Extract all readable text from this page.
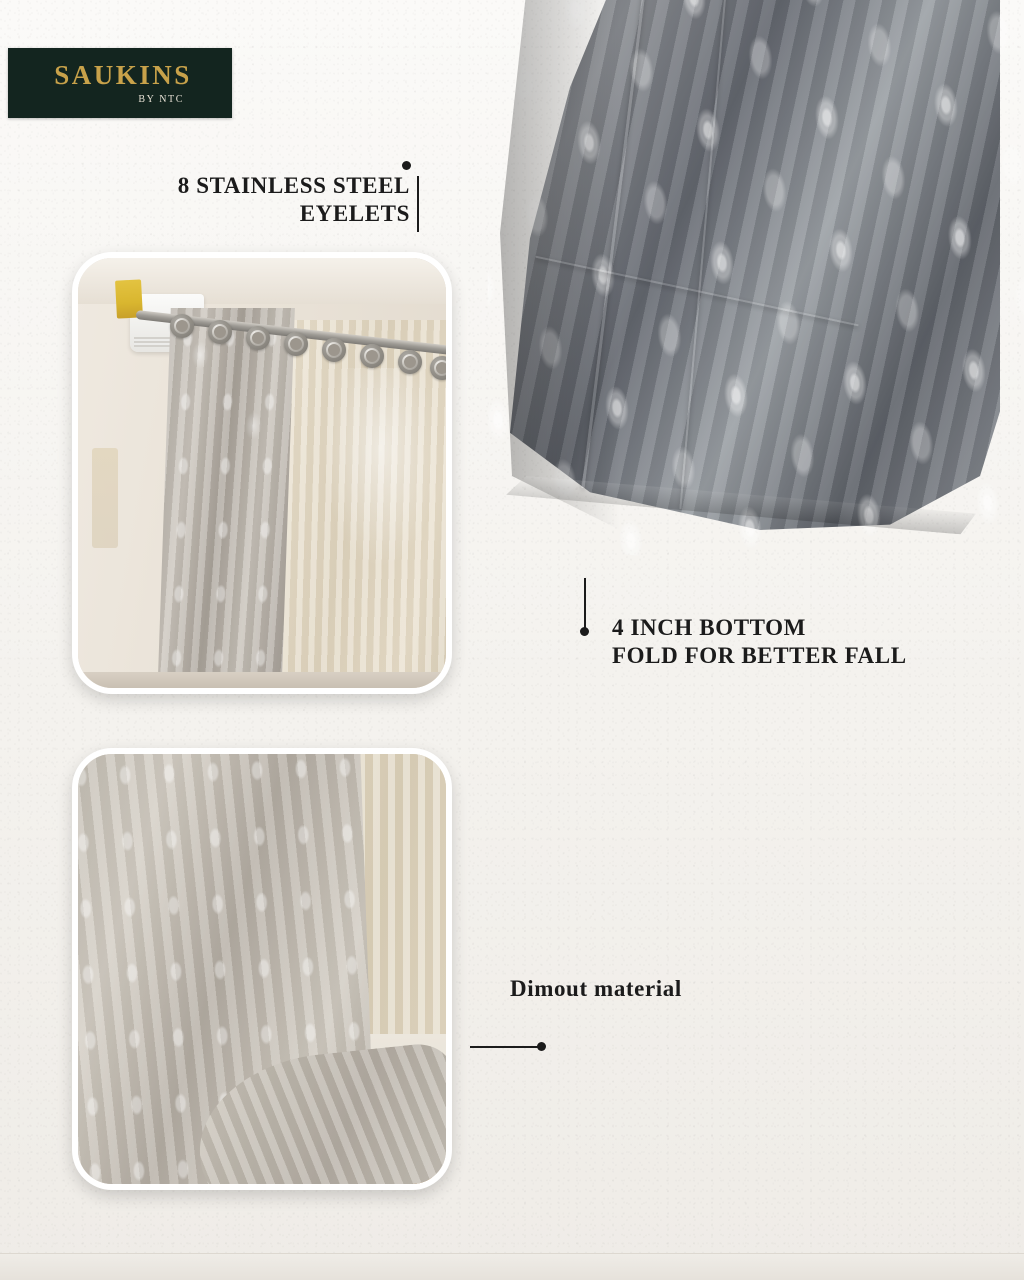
SAUKINS
BY NTC
8 STAINLESS STEEL
EYELETS
4 INCH BOTTOM
FOLD FOR BETTER FALL
Dimout material
